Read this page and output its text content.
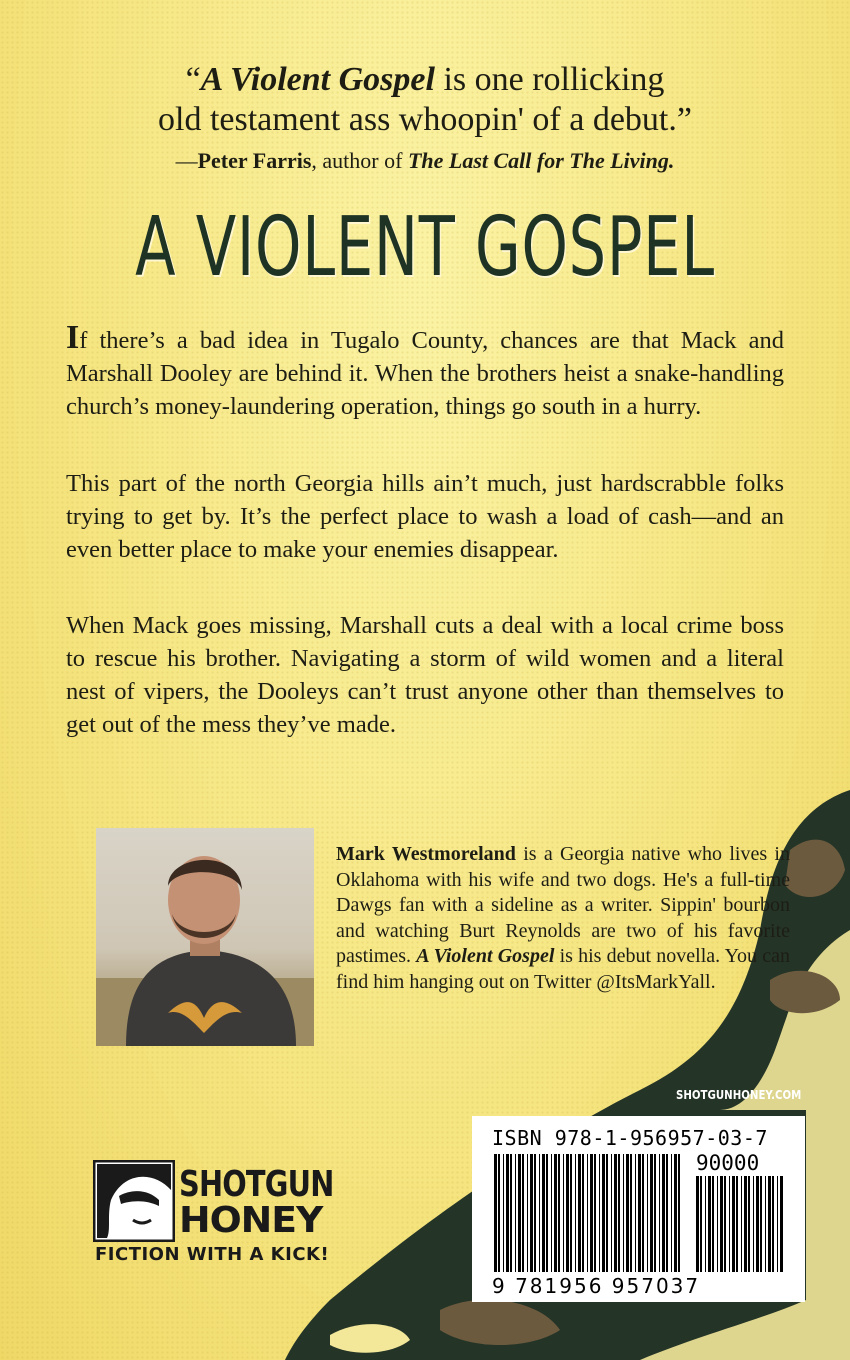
“A Violent Gospel is one rollicking
old testament ass whoopin' of a debut.”
—Peter Farris, author of The Last Call for The Living.
A VIOLENT GOSPEL
If there’s a bad idea in Tugalo County, chances are that Mack and Marshall Dooley are behind it. When the brothers heist a snake-handling church’s money-laundering operation, things go south in a hurry.
This part of the north Georgia hills ain’t much, just hardscrabble folks trying to get by. It’s the perfect place to wash a load of cash—and an even better place to make your enemies disappear.
When Mack goes missing, Marshall cuts a deal with a local crime boss to rescue his brother. Navigating a storm of wild women and a literal nest of vipers, the Dooleys can’t trust anyone other than themselves to get out of the mess they’ve made.
Mark Westmoreland is a Georgia native who lives in Oklahoma with his wife and two dogs. He's a full-time Dawgs fan with a sideline as a writer. Sippin' bourbon and watching Burt Reynolds are two of his favorite pastimes. A Violent Gospel is his debut novella. You can find him hanging out on Twitter @ItsMarkYall.
SHOTGUNHONEY.COM
ISBN 978-1-956957-03-7
90000
9 781956 957037
SHOTGUN
HONEY
FICTION WITH A KICK!
